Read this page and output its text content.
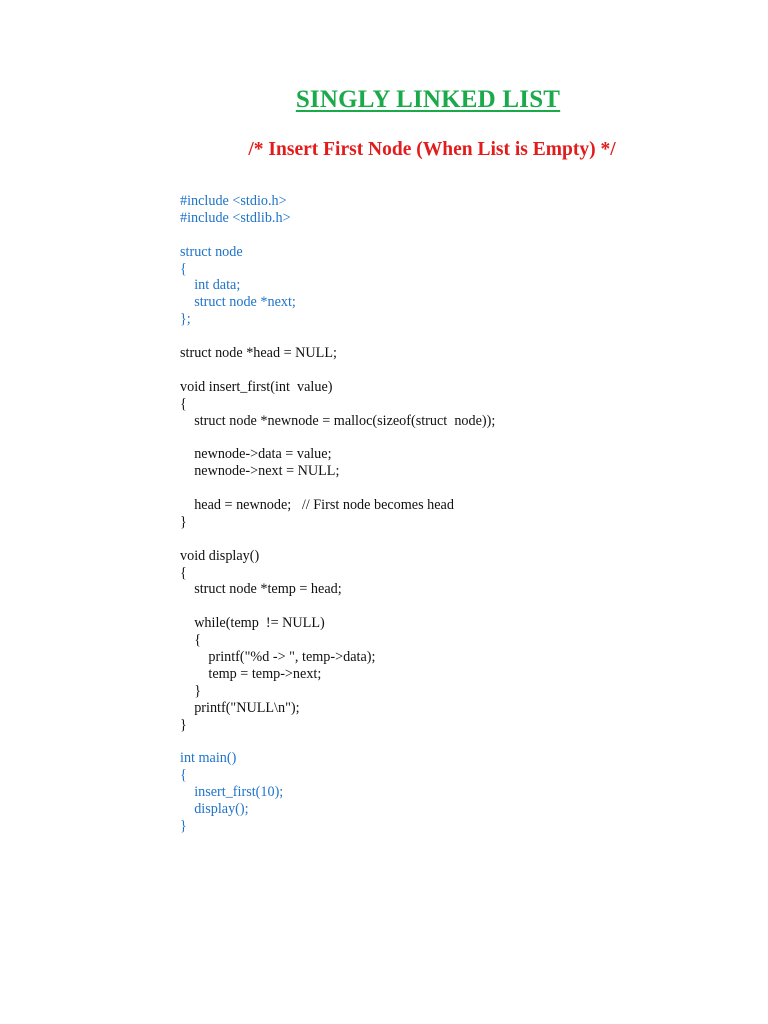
SINGLY LINKED LIST
/* Insert First Node (When List is Empty) */
#include <stdio.h>
#include <stdlib.h>
struct node
{
int data;
struct node *next;
};
struct node *head = NULL;
void insert_first(int  value)
{
struct node *newnode = malloc(sizeof(struct  node));
newnode->data = value;
newnode->next = NULL;
head = newnode;   // First node becomes head
}
void display()
{
struct node *temp = head;
while(temp  != NULL)
{
printf("%d -> ", temp->data);
temp = temp->next;
}
printf("NULL\n");
}
int main()
{
insert_first(10);
display();
}
